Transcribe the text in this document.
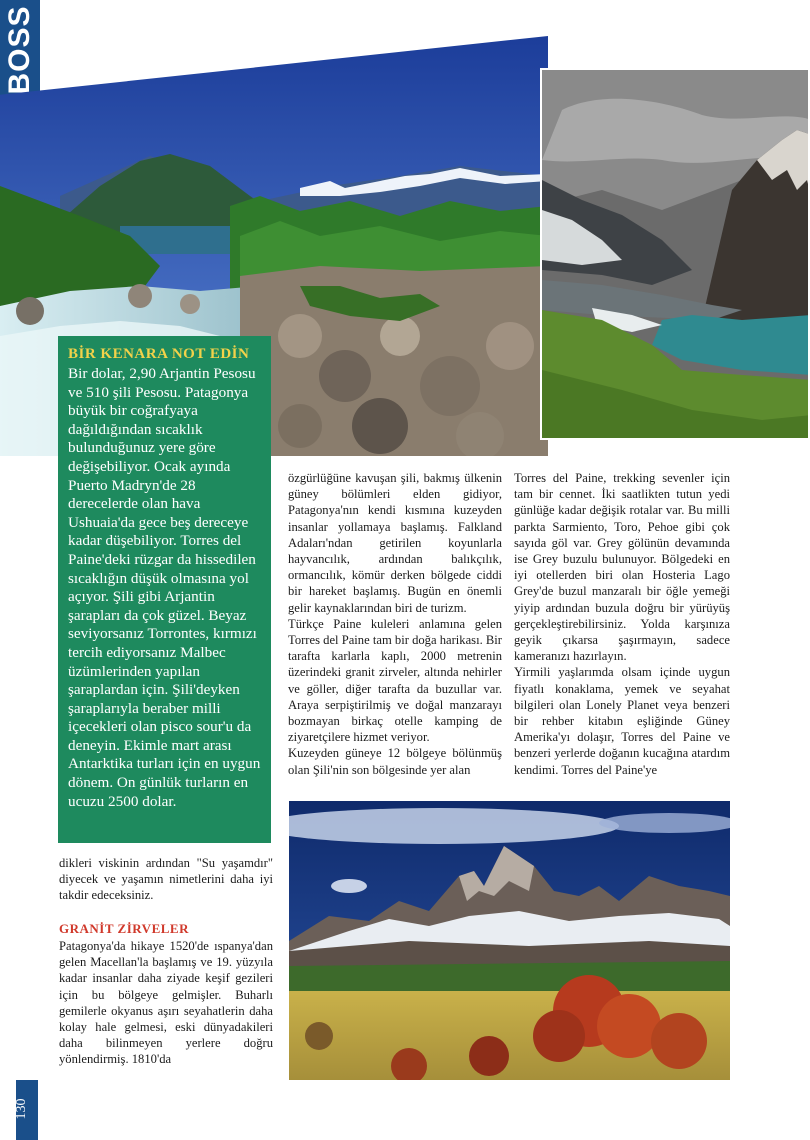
BOSS
130

BİR KENARA NOT EDİN

Bir dolar, 2,90 Arjantin Pesosu ve 510 şili Pesosu. Patagonya büyük bir coğrafyaya dağıldığından sıcaklık bulunduğunuz yere göre değişebiliyor. Ocak ayında Puerto Madryn'de 28 derecelerde olan hava Ushuaia'da gece beş dereceye kadar düşebiliyor. Torres del Paine'deki rüzgar da hissedilen sıcaklığın düşük olmasına yol açıyor. Şili gibi Arjantin şarapları da çok güzel. Beyaz seviyorsanız Torrontes, kırmızı tercih ediyorsanız Malbec üzümlerinden yapılan şaraplardan için. Şili'deyken şaraplarıyla beraber milli içecekleri olan pisco sour'u da deneyin. Ekimle mart arası Antarktika turları için en uygun dönem. On günlük turların en ucuzu 2500 dolar.

özgürlüğüne kavuşan şili, bakmış ülkenin güney bölümleri elden gidiyor, Patagonya'nın kendi kısmına kuzeyden insanlar yollamaya başlamış. Falkland Adaları'ndan getirilen koyunlarla hayvancılık, ardından balıkçılık, ormancılık, kömür derken bölgede ciddi bir hareket başlamış. Bugün en önemli gelir kaynaklarından biri de turizm.

Türkçe Paine kuleleri anlamına gelen Torres del Paine tam bir doğa harikası. Bir tarafta karlarla kaplı, 2000 metrenin üzerindeki granit zirveler, altında nehirler ve göller, diğer tarafta da buzullar var. Araya serpiştirilmiş ve doğal manzarayı bozmayan birkaç otelle kamping de ziyaretçilere hizmet veriyor.

Kuzeyden güneye 12 bölgeye bölünmüş olan Şili'nin son bölgesinde yer alan

Torres del Paine, trekking sevenler için tam bir cennet. İki saatlikten tutun yedi günlüğe kadar değişik rotalar var. Bu milli parkta Sarmiento, Toro, Pehoe gibi çok sayıda göl var. Grey gölünün devamında ise Grey buzulu bulunuyor. Bölgedeki en iyi otellerden biri olan Hosteria Lago Grey'de buzul manzaralı bir öğle yemeği yiyip ardından buzula doğru bir yürüyüş gerçekleştirebilirsiniz. Yolda karşınıza geyik çıkarsa şaşırmayın, sadece kameranızı hazırlayın.

Yirmili yaşlarımda olsam içinde uygun fiyatlı konaklama, yemek ve seyahat bilgileri olan Lonely Planet veya benzeri bir rehber kitabın eşliğinde Güney Amerika'yı dolaşır, Torres del Paine ve benzeri yerlerde doğanın kucağına atardım kendimi. Torres del Paine'ye

dikleri viskinin ardından "Su yaşamdır" diyecek ve yaşamın nimetlerini daha iyi takdir edeceksiniz.

GRANİT ZİRVELER

Patagonya'da hikaye 1520'de ıspanya'dan gelen Macellan'la başlamış ve 19. yüzyıla kadar insanlar daha ziyade keşif gezileri için bu bölgeye gelmişler. Buharlı gemilerle okyanus aşırı seyahatlerin daha kolay hale gelmesi, eski dünyadakileri daha bilinmeyen yerlere doğru yönlendirmiş. 1810'da
